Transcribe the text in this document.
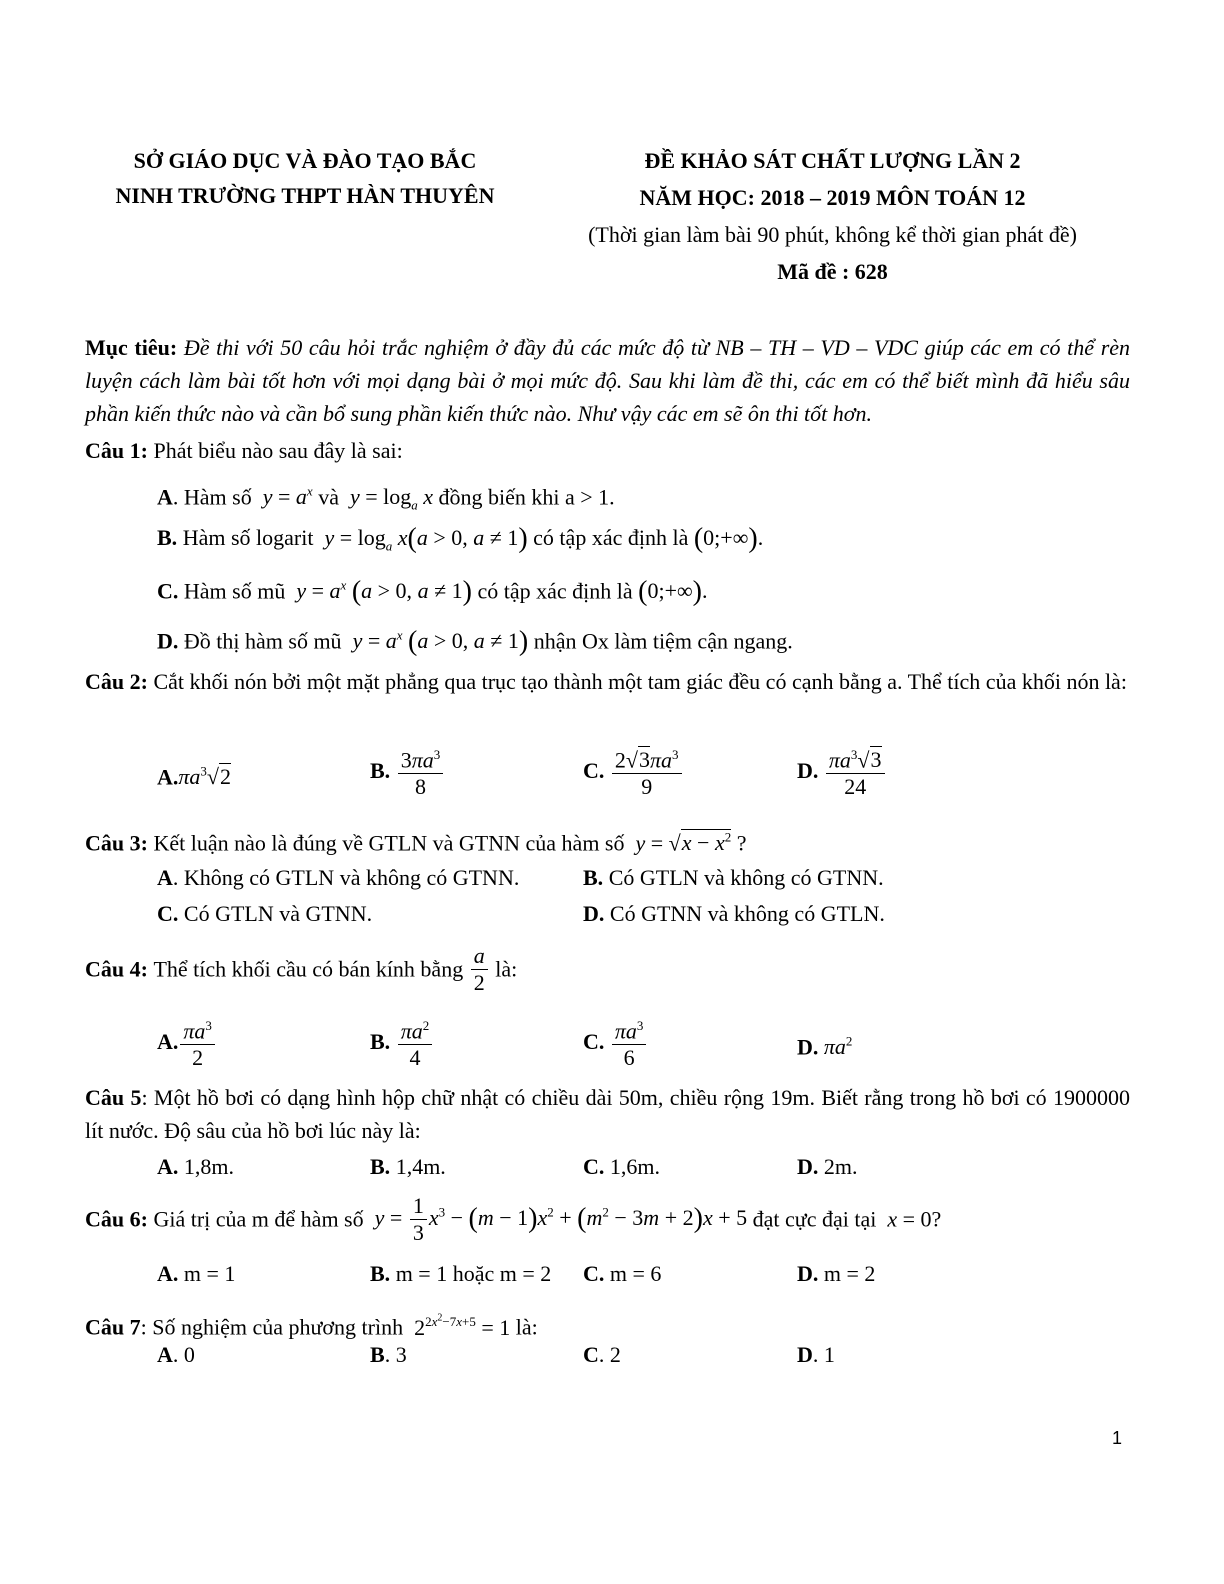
SỞ GIÁO DỤC VÀ ĐÀO TẠO BẮC
NINH TRƯỜNG THPT HÀN THUYÊN
ĐỀ KHẢO SÁT CHẤT LƯỢNG LẦN 2
NĂM HỌC: 2018 – 2019 MÔN TOÁN 12
(Thời gian làm bài 90 phút, không kể thời gian phát đề)
Mã đề : 628
Mục tiêu: Đề thi với 50 câu hỏi trắc nghiệm ở đầy đủ các mức độ từ NB – TH – VD – VDC giúp các em có thể rèn luyện cách làm bài tốt hơn với mọi dạng bài ở mọi mức độ. Sau khi làm đề thi, các em có thể biết mình đã hiểu sâu phần kiến thức nào và cần bổ sung phần kiến thức nào. Như vậy các em sẽ ôn thi tốt hơn.
Câu 1: Phát biểu nào sau đây là sai:
A. Hàm số $y = a^x$ và $y = \log_a x$ đồng biến khi a > 1.
B. Hàm số logarit $y = \log_a x(a > 0$, a ≠ 1) có tập xác định là (0;+∞).
C. Hàm số mũ $y = a^x$ (a > 0, a ≠ 1) có tập xác định là (0;+∞).
D. Đồ thị hàm số mũ $y = a^x$ (a > 0, a ≠ 1) nhận Ox làm tiệm cận ngang.
Câu 2: Cắt khối nón bởi một mặt phẳng qua trục tạo thành một tam giác đều có cạnh bằng a. Thể tích của khối nón là:
$A.\pi a^3√2$	B. $\frac{3\pi a^3}{8}$	C. $\frac{2√3\pi a^3}{9}$	D. $\frac{\pi a^3√3}{24}$
Câu 3: Kết luận nào là đúng về GTLN và GTNN của hàm số $y = √x - x^2$ ?
A. Không có GTLN và không có GTNN.	B. Có GTLN và không có GTNN.
C. Có GTLN và GTNN.	D. Có GTNN và không có GTLN.
Câu 4: Thể tích khối cầu có bán kính bằng $\frac{a}{2}$ là:
A. $\frac{\pi a^3}{2}$	B. $\frac{\pi a^2}{4}$	C. $\frac{\pi a^3}{6}$	D. $\pi a^2$
Câu 5: Một hồ bơi có dạng hình hộp chữ nhật có chiều dài 50m, chiều rộng 19m. Biết rằng trong hồ bơi có 1900000 lít nước. Độ sâu của hồ bơi lúc này là:
A. 1,8m.	B. 1,4m.	C. 1,6m.	D. 2m.
Câu 6: Giá trị của m để hàm số $y = \frac{1}{3} x^3 - (m - 1)x^2 + (m^2 - 3m + 2)x + 5$ đạt cực đại tại x = 0?
A. m = 1	B. m = 1 hoặc m = 2 C. m = 6	D. m = 2
Câu 7: Số nghiệm của phương trình  $2^{2x^2-7x+5} = 1$ là:
A. 0	B. 3	C. 2	D. 1
1
